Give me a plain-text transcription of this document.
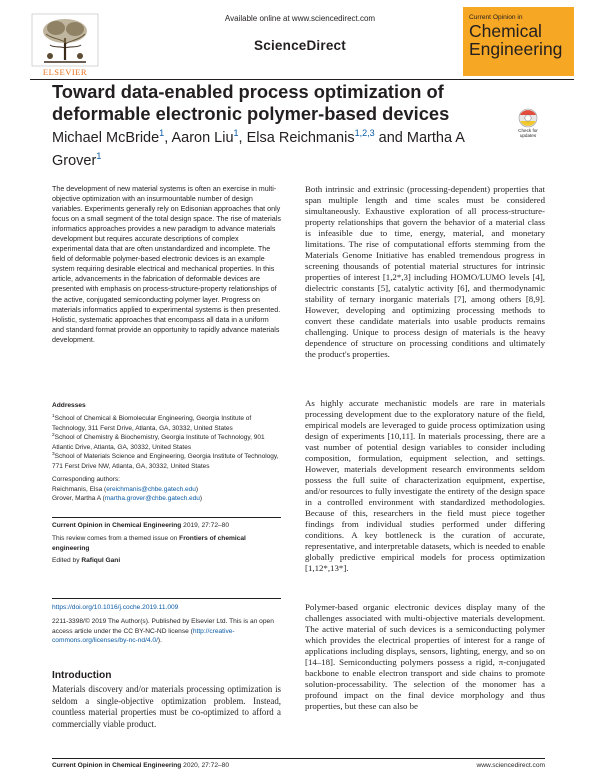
ELSEVIER
Available online at www.sciencedirect.com
ScienceDirect
Current Opinion in
Chemical
Engineering
Toward data-enabled process optimization of deformable electronic polymer-based devices
Michael McBride$^1$, Aaron Liu$^1$, Elsa Reichmanis$^{1,2,3}$ and Martha A Grover$^1$
Check for
updates
The development of new material systems is often an exercise in multi-objective optimization with an insurmountable number of design variables. Experiments generally rely on Edisonian approaches that only focus on a small segment of the total design space. The rise of materials informatics approaches provides a new paradigm to advance materials development but requires accurate descriptions of complex experimental data that are often unstandardized and incomplete. The field of deformable polymer-based electronic devices is an example system requiring desirable electrical and mechanical properties. In this article, advancements in the fabrication of deformable devices are presented with emphasis on process-structure-property relationships of the active, conjugated semiconducting polymer layer. Progress on materials informatics applied to experimental systems is then presented. Holistic, systematic approaches that encompass all data in a uniform and standard format provide an opportunity to rapidly advance materials development.
Addresses
$^1$School of Chemical & Biomolecular Engineering, Georgia Institute of Technology, 311 Ferst Drive, Atlanta, GA, 30332, United States
$^2$School of Chemistry & Biochemistry, Georgia Institute of Technology, 901 Atlantic Drive, Atlanta, GA, 30332, United States
$^3$School of Materials Science and Engineering, Georgia Institute of Technology, 771 Ferst Drive NW, Atlanta, GA, 30332, United States
Corresponding authors:
Reichmanis, Elsa (ereichmanis@chbe.gatech.edu)
Grover, Martha A (martha.grover@chbe.gatech.edu)
Current Opinion in Chemical Engineering 2019, 27:72–80
This review comes from a themed issue on Frontiers of chemical engineering
Edited by Rafiqul Gani
https://doi.org/10.1016/j.coche.2019.11.009
2211-3398/© 2019 The Author(s). Published by Elsevier Ltd. This is an open access article under the CC BY-NC-ND license (http://creative-commons.org/licenses/by-nc-nd/4.0/).
Introduction
Materials discovery and/or materials processing optimization is seldom a single-objective optimization problem. Instead, countless material properties must be co-optimized to afford a commercially viable product.
Both intrinsic and extrinsic (processing-dependent) properties that span multiple length and time scales must be considered simultaneously. Exhaustive exploration of all process-structure-property relationships that govern the behavior of a material class is infeasible due to time, energy, material, and monetary limitations. The rise of computational efforts stemming from the Materials Genome Initiative has enabled tremendous progress in screening thousands of potential material structures for intrinsic properties of interest [1,2*,3] including HOMO/LUMO levels [4], dielectric constants [5], catalytic activity [6], and thermodynamic stability of ternary inorganic materials [7], among others [8,9]. However, developing and optimizing processing methods to convert these candidate materials into usable products remains challenging. Unique to process design of materials is the heavy dependence of structure on processing conditions and ultimately the product's properties.
As highly accurate mechanistic models are rare in materials processing development due to the exploratory nature of the field, empirical models are leveraged to guide process optimization using design of experiments [10,11]. In materials processing, there are a vast number of potential design variables to consider including composition, formulation, equipment selection, and settings. However, materials development research environments seldom possess the full suite of characterization equipment, expertise, and/or resources to fully investigate the entirety of the design space in a controlled environment with standardized methodologies. Because of this, researchers in the field must piece together findings from individual studies performed under differing conditions. A key bottleneck is the curation of accurate, representative, and interpretable datasets, which is needed to enable globally predictive empirical models for process optimization [1,12*,13*].
Polymer-based organic electronic devices display many of the challenges associated with multi-objective materials development. The active material of such devices is a semiconducting polymer which provides the electrical properties of interest for a range of applications including displays, sensors, lighting, energy, and so on [14–18]. Semiconducting polymers possess a rigid, π-conjugated backbone to enable electron transport and side chains to promote solution-processability. The selection of the monomer has a profound impact on the final device morphology and thus properties, but these can also be
Current Opinion in Chemical Engineering 2020, 27:72–80	www.sciencedirect.com
